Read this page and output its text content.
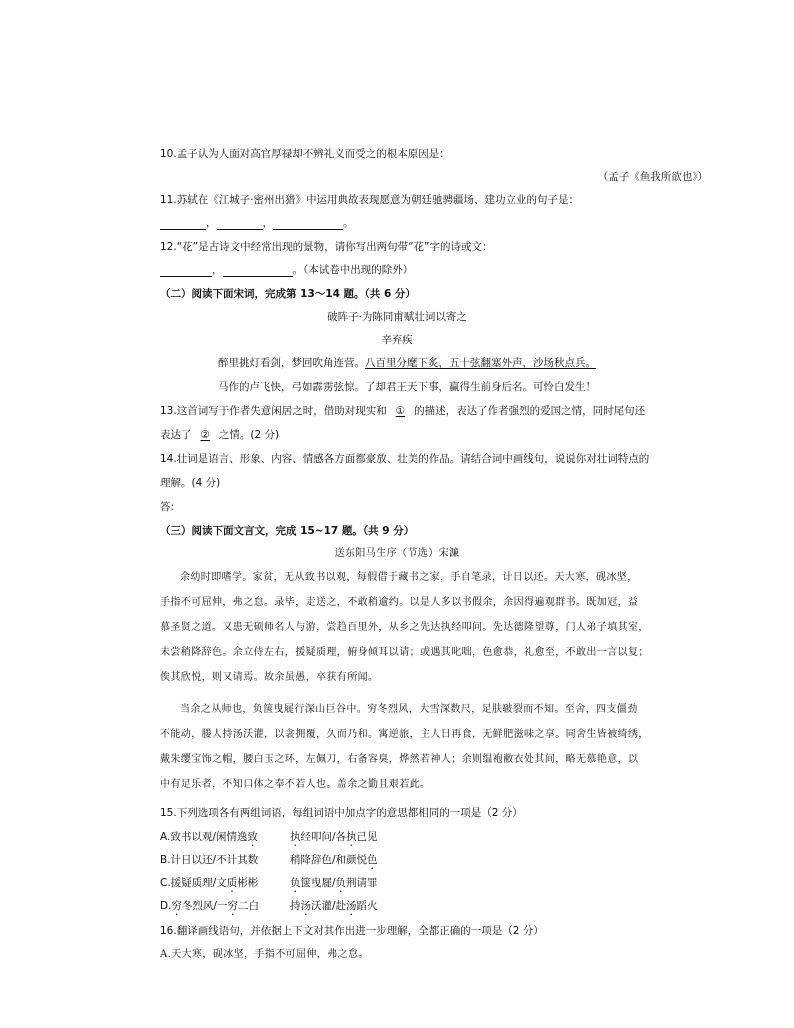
10.孟子认为人面对高官厚禄却不辨礼义而受之的根本原因是：
（孟子《鱼我所欲也》）
11.苏轼在《江城子·密州出猎》中运用典故表现愿意为朝廷驰骋疆场、建功立业的句子是：
，	，	。
12.“花”是古诗文中经常出现的景物，请你写出两句带“花”字的诗或文：
，	。（本试卷中出现的除外）
（二）阅读下面宋词，完成第 13～14 题。（共 6 分）
破阵子·为陈同甫赋壮词以寄之
辛弃疾
醉里挑灯看剑，梦回吹角连营。八百里分麾下炙，五十弦翻塞外声，沙场秋点兵。
马作的卢飞快，弓如霹雳弦惊。了却君王天下事，赢得生前身后名。可怜白发生！
13.这首词写于作者失意闲居之时，借助对现实和 ① 的描述，表达了作者强烈的爱国之情，同时尾句还
表达了 ② 之情。(2 分)
14.壮词是语言、形象、内容、情感各方面都豪放、壮美的作品。请结合词中画线句，说说你对壮词特点的
理解。(4 分)
答:
（三）阅读下面文言文，完成 15~17 题。（共 9 分）
送东阳马生序（节选）宋濂
余幼时即嗜学。家贫，无从致书以观，每假借于藏书之家，手自笔录，计日以还。天大寒，砚冰坚，
手指不可屈伸，弗之怠。录毕，走送之，不敢稍逾约。以是人多以书假余，余因得遍观群书。既加冠，益
慕圣贤之道。又患无硕师名人与游，尝趋百里外，从乡之先达执经叩问。先达德隆望尊，门人弟子填其室，
未尝稍降辞色。余立侍左右，援疑质理，俯身倾耳以请；或遇其叱咄，色愈恭，礼愈至，不敢出一言以复；
俟其欣悦，则又请焉。故余虽愚，卒获有所闻。
当余之从师也，负箧曳屣行深山巨谷中。穷冬烈风，大雪深数尺，足肤皲裂而不知。至舍，四支僵劲
不能动，媵人持汤沃灌，以衾拥覆，久而乃和。寓逆旅，主人日再食，无鲜肥滋味之享。同舍生皆被绮绣，
戴朱缨宝饰之帽，腰白玉之环，左佩刀，右备容臭，烨然若神人；余则缊袍敝衣处其间，略无慕艳意，以
中有足乐者，不知口体之奉不若人也。盖余之勤且艰若此。
15.下列选项各有两组词语，每组词语中加点字的意思都相同的一项是（2 分）
A.致书以观/闲情逸致	执经叩问/各执己见
B.计日以还/不计其数	稍降辞色/和颜悦色
C.援疑质理/文质彬彬	负箧曳屣/负荆请罪
D.穷冬烈风/一穷二白	持汤沃灌/赴汤蹈火
16.翻译画线语句，并依据上下文对其作出进一步理解，全都正确的一项是（2 分）
A.天大寒，砚冰坚，手指不可屈伸，弗之怠。
